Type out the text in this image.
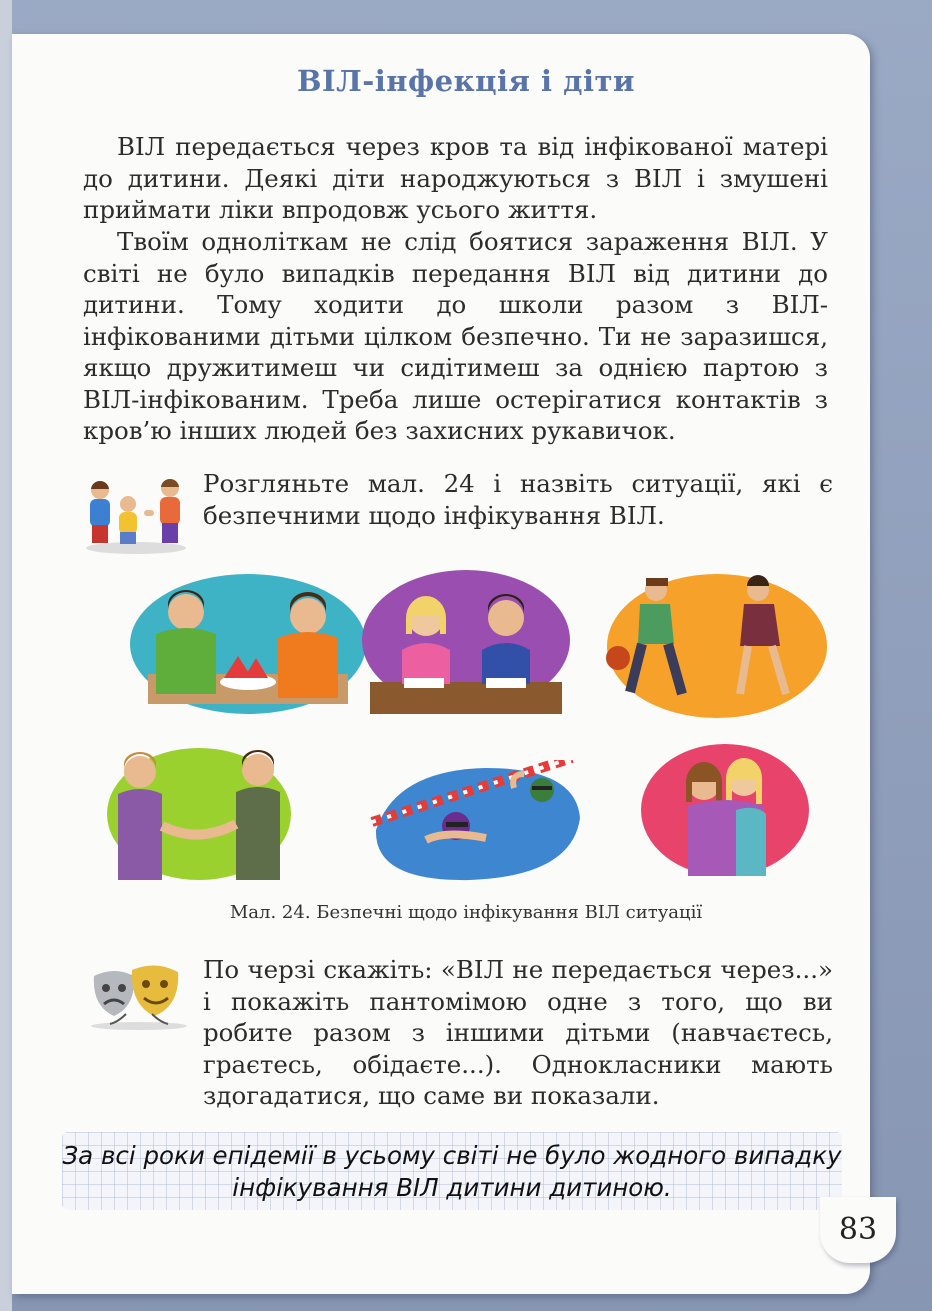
ВІЛ-інфекція і діти
ВІЛ передається через кров та від інфікованої матері до дитини. Деякі діти народжуються з ВІЛ і змушені приймати ліки впродовж усього життя.
Твоїм одноліткам не слід боятися зараження ВІЛ. У світі не було випадків передання ВІЛ від дитини до дитини. Тому ходити до школи разом з ВІЛ-інфікованими дітьми цілком безпечно. Ти не заразишся, якщо дружитимеш чи сидітимеш за однією партою з ВІЛ-інфікованим. Треба лише остерігатися контактів з кров’ю інших людей без захисних рукавичок.
Розгляньте мал. 24 і назвіть ситуації, які є безпечними щодо інфікування ВІЛ.
Мал. 24. Безпечні щодо інфікування ВІЛ ситуації
По черзі скажіть: «ВІЛ не передається через...» і покажіть пантомімою одне з того, що ви робите разом з іншими дітьми (навчаєтесь, граєтесь, обідаєте...). Однокласники мають здогадатися, що саме ви показали.
За всі роки епідемії в усьому світі не було жодного випадку інфікування ВІЛ дитини дитиною.
83
